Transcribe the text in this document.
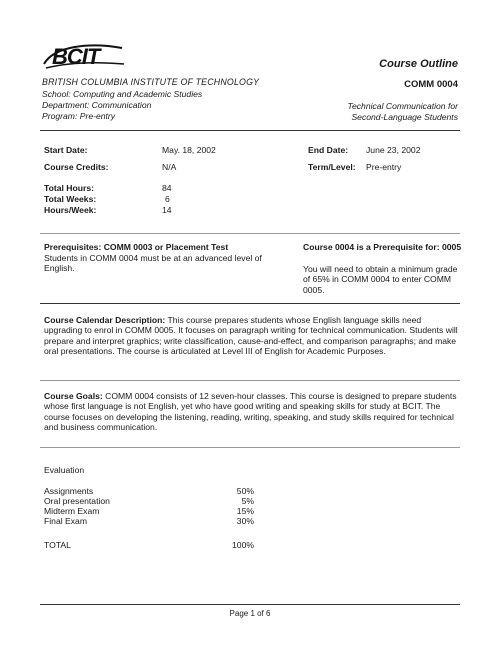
BCIT
BRITISH COLUMBIA INSTITUTE OF TECHNOLOGY
School: Computing and Academic Studies
Department: Communication
Program: Pre-entry
Course Outline
COMM 0004
Technical Communication for
Second-Language Students
Start Date:	May. 18, 2002	End Date: June 23, 2002
Course Credits:	N/A	Term/Level: Pre-entry
Total Hours:	84
Total Weeks:	6
Hours/Week:	14
Prerequisites: COMM 0003 or Placement Test
Students in COMM 0004 must be at an advanced level of English.
Course 0004 is a Prerequisite for: 0005
You will need to obtain a minimum grade of 65% in COMM 0004 to enter COMM 0005.
Course Calendar Description: This course prepares students whose English language skills need upgrading to enrol in COMM 0005. It focuses on paragraph writing for technical communication. Students will prepare and interpret graphics; write classification, cause-and-effect, and comparison paragraphs; and make oral presentations. The course is articulated at Level III of English for Academic Purposes.
Course Goals: COMM 0004 consists of 12 seven-hour classes. This course is designed to prepare students whose first language is not English, yet who have good writing and speaking skills for study at BCIT. The course focuses on developing the listening, reading, writing, speaking, and study skills required for technical and business communication.
Evaluation
Assignments	50%
Oral presentation	5%
Midterm Exam	15%
Final Exam	30%
TOTAL	100%
Page 1 of 6
